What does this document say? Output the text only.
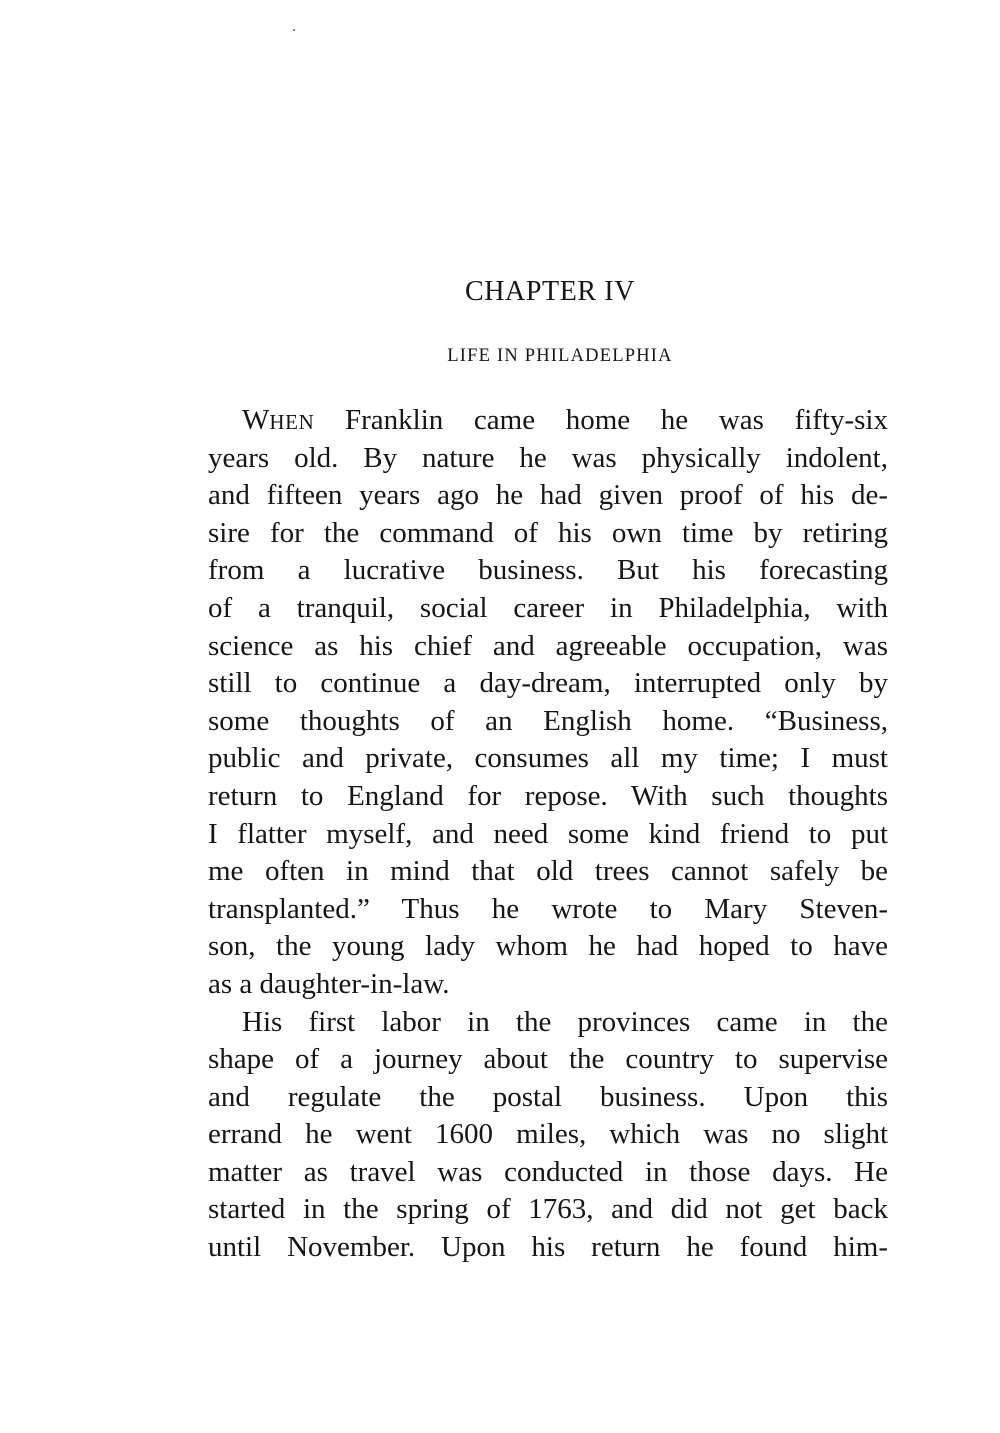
CHAPTER IV
LIFE IN PHILADELPHIA
WHEN Franklin came home he was fifty-six
years old. By nature he was physically indolent,
and fifteen years ago he had given proof of his de-
sire for the command of his own time by retiring
from a lucrative business. But his forecasting
of a tranquil, social career in Philadelphia, with
science as his chief and agreeable occupation, was
still to continue a day-dream, interrupted only by
some thoughts of an English home. “Business,
public and private, consumes all my time; I must
return to England for repose. With such thoughts
I flatter myself, and need some kind friend to put
me often in mind that old trees cannot safely be
transplanted.” Thus he wrote to Mary Steven-
son, the young lady whom he had hoped to have
as a daughter-in-law.
His first labor in the provinces came in the
shape of a journey about the country to supervise
and regulate the postal business. Upon this
errand he went 1600 miles, which was no slight
matter as travel was conducted in those days. He
started in the spring of 1763, and did not get back
until November. Upon his return he found him-
